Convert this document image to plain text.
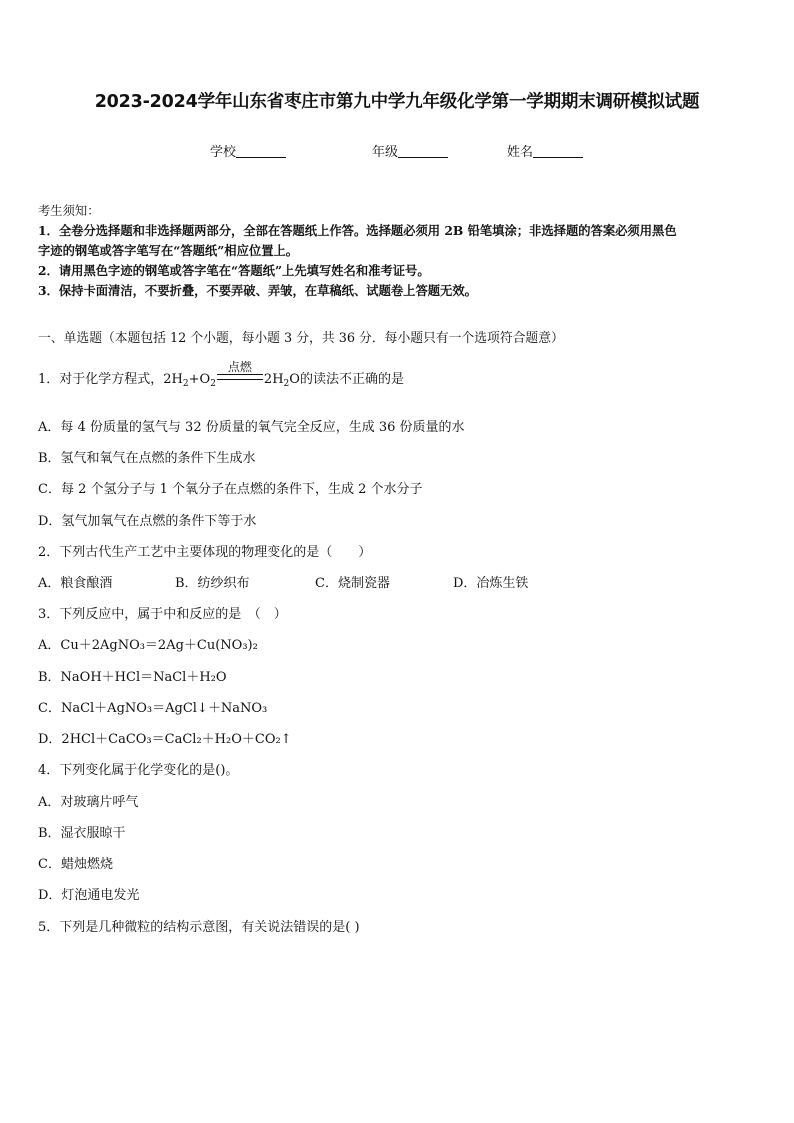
2023-2024学年山东省枣庄市第九中学九年级化学第一学期期末调研模拟试题
学校	年级	姓名
考生须知：
1．全卷分选择题和非选择题两部分，全部在答题纸上作答。选择题必须用 2B 铅笔填涂；非选择题的答案必须用黑色
字迹的钢笔或答字笔写在“答题纸”相应位置上。
2．请用黑色字迹的钢笔或答字笔在“答题纸”上先填写姓名和准考证号。
3．保持卡面清洁，不要折叠，不要弄破、弄皱，在草稿纸、试题卷上答题无效。
一、单选题（本题包括 12 个小题，每小题 3 分，共 36 分．每小题只有一个选项符合题意）
1．对于化学方程式，$2H_2+O_2$
点燃
$2H_2O$的读法不正确的是
A．每 4 份质量的氢气与 32 份质量的氧气完全反应，生成 36 份质量的水
B．氢气和氧气在点燃的条件下生成水
C．每 2 个氢分子与 1 个氧分子在点燃的条件下，生成 2 个水分子
D．氢气加氧气在点燃的条件下等于水
2．下列古代生产工艺中主要体现的物理变化的是（　　）
A．粮食酿酒	B．纺纱织布	C．烧制瓷器	D．冶炼生铁
3．下列反应中，属于中和反应的是　（　）
A．Cu＋2AgNO₃＝2Ag＋Cu(NO₃)₂
B．NaOH＋HCl＝NaCl＋H₂O
C．NaCl＋AgNO₃＝AgCl↓＋NaNO₃
D．2HCl＋CaCO₃＝CaCl₂＋H₂O＋CO₂↑
4．下列变化属于化学变化的是()。
A．对玻璃片呼气
B．湿衣服晾干
C．蜡烛燃烧
D．灯泡通电发光
5．下列是几种微粒的结构示意图，有关说法错误的是( )
